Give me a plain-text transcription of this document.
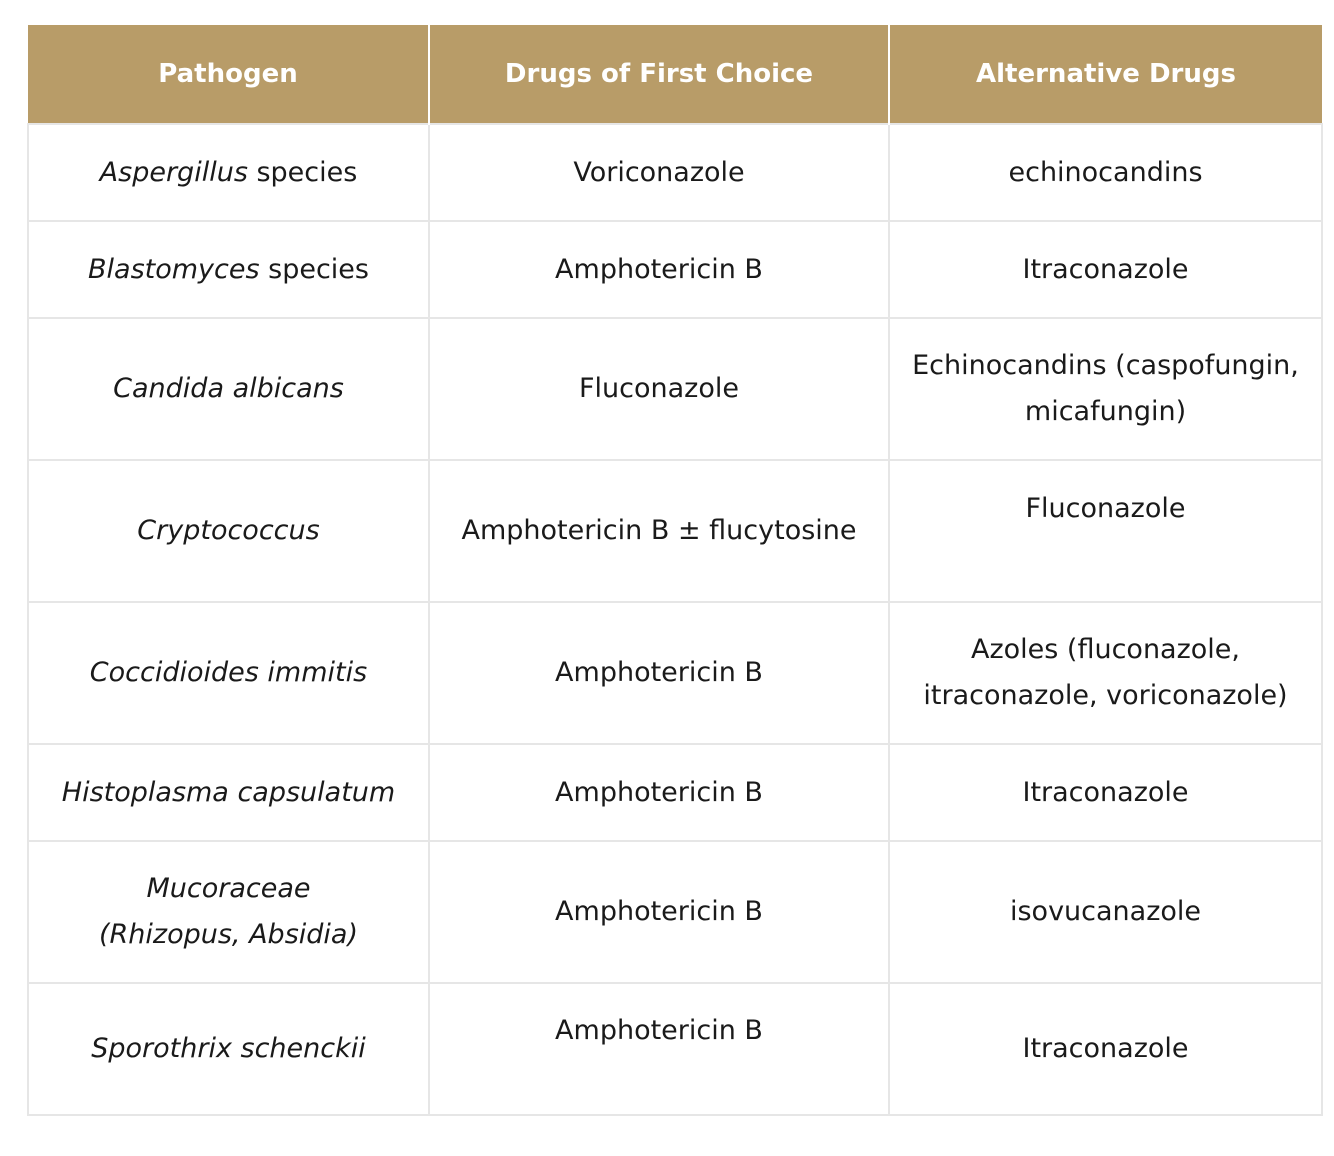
Pathogen	Drugs of First Choice	Alternative Drugs
Aspergillus species	Voriconazole	echinocandins
Blastomyces species	Amphotericin B	Itraconazole
Candida albicans	Fluconazole	Echinocandins (caspofungin,
micafungin)
Cryptococcus	Amphotericin B ± flucytosine	Fluconazole
Coccidioides immitis	Amphotericin B	Azoles (fluconazole,
itraconazole, voriconazole)
Histoplasma capsulatum	Amphotericin B	Itraconazole
Mucoraceae
(Rhizopus, Absidia)	Amphotericin B	isovucanazole
Sporothrix schenckii	Amphotericin B	Itraconazole
